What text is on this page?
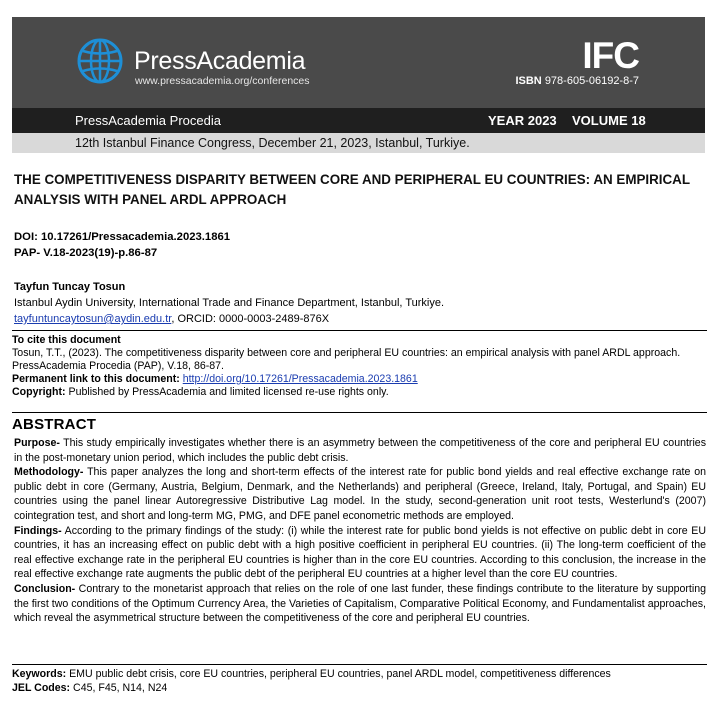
PressAcademia
www.pressacademia.org/conferences
IFC
ISBN 978-605-06192-8-7
PressAcademia Procedia	YEAR 2023 VOLUME 18
12th Istanbul Finance Congress, December 21, 2023, Istanbul, Turkiye.
THE COMPETITIVENESS DISPARITY BETWEEN CORE AND PERIPHERAL EU COUNTRIES: AN EMPIRICAL
ANALYSIS WITH PANEL ARDL APPROACH
DOI: 10.17261/Pressacademia.2023.1861
PAP- V.18-2023(19)-p.86-87
Tayfun Tuncay Tosun
Istanbul Aydin University, International Trade and Finance Department, Istanbul, Turkiye.
tayfuntuncaytosun@aydin.edu.tr, ORCID: 0000-0003-2489-876X
To cite this document
Tosun, T.T., (2023). The competitiveness disparity between core and peripheral EU countries: an empirical analysis with panel ARDL approach. PressAcademia Procedia (PAP), V.18, 86-87.
Permanent link to this document: http://doi.org/10.17261/Pressacademia.2023.1861
Copyright: Published by PressAcademia and limited licensed re-use rights only.
ABSTRACT

Purpose- This study empirically investigates whether there is an asymmetry between the competitiveness of the core and peripheral EU countries in the post-monetary union period, which includes the public debt crisis.

Methodology- This paper analyzes the long and short-term effects of the interest rate for public bond yields and real effective exchange rate on public debt in core (Germany, Austria, Belgium, Denmark, and the Netherlands) and peripheral (Greece, Ireland, Italy, Portugal, and Spain) EU countries using the panel linear Autoregressive Distributive Lag model. In the study, second-generation unit root tests, Westerlund's (2007) cointegration test, and short and long-term MG, PMG, and DFE panel econometric methods are employed.

Findings- According to the primary findings of the study: (i) while the interest rate for public bond yields is not effective on public debt in core EU countries, it has an increasing effect on public debt with a high positive coefficient in peripheral EU countries. (ii) The long-term coefficient of the real effective exchange rate in the peripheral EU countries is higher than in the core EU countries. According to this conclusion, the increase in the real effective exchange rate augments the public debt of the peripheral EU countries at a higher level than the core EU countries.

Conclusion- Contrary to the monetarist approach that relies on the role of one last funder, these findings contribute to the literature by supporting the first two conditions of the Optimum Currency Area, the Varieties of Capitalism, Comparative Political Economy, and Fundamentalist approaches, which reveal the asymmetrical structure between the competitiveness of the core and peripheral EU countries.

Keywords: EMU public debt crisis, core EU countries, peripheral EU countries, panel ARDL model, competitiveness differences
JEL Codes: C45, F45, N14, N24
